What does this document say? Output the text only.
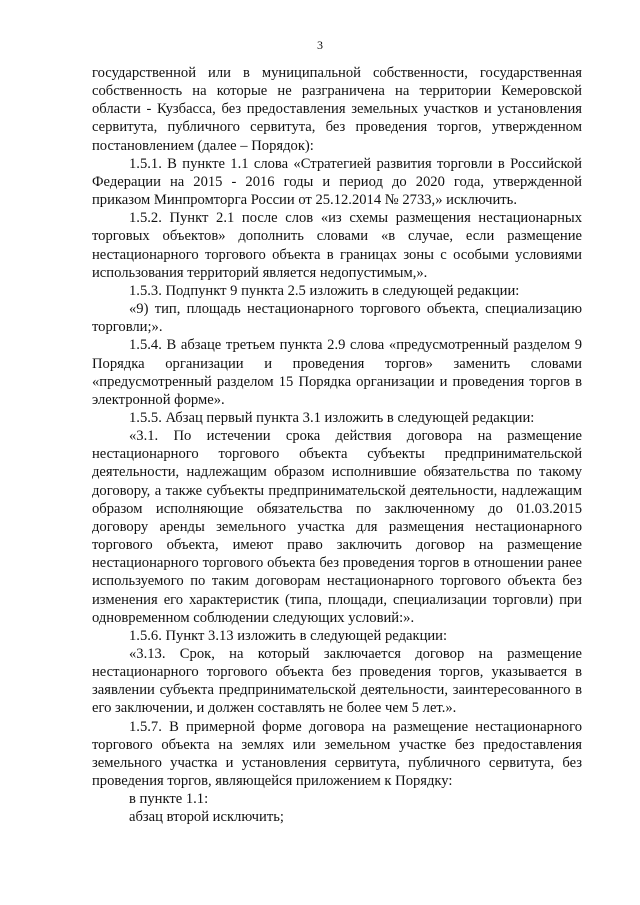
3

государственной или в муниципальной собственности, государственная собственность на которые не разграничена на территории Кемеровской области - Кузбасса, без предоставления земельных участков и установления сервитута, публичного сервитута, без проведения торгов, утвержденном постановлением (далее – Порядок):

1.5.1. В пункте 1.1 слова «Стратегией развития торговли в Российской Федерации на 2015 - 2016 годы и период до 2020 года, утвержденной приказом Минпромторга России от 25.12.2014 № 2733,» исключить.

1.5.2. Пункт 2.1 после слов «из схемы размещения нестационарных торговых объектов» дополнить словами «в случае, если размещение нестационарного торгового объекта в границах зоны с особыми условиями использования территорий является недопустимым,».

1.5.3. Подпункт 9 пункта 2.5 изложить в следующей редакции:

«9) тип, площадь нестационарного торгового объекта, специализацию торговли;».

1.5.4. В абзаце третьем пункта 2.9 слова «предусмотренный разделом 9 Порядка организации и проведения торгов» заменить словами «предусмотренный разделом 15 Порядка организации и проведения торгов в электронной форме».

1.5.5. Абзац первый пункта 3.1 изложить в следующей редакции:

«3.1. По истечении срока действия договора на размещение нестационарного торгового объекта субъекты предпринимательской деятельности, надлежащим образом исполнившие обязательства по такому договору, а также субъекты предпринимательской деятельности, надлежащим образом исполняющие обязательства по заключенному до 01.03.2015 договору аренды земельного участка для размещения нестационарного торгового объекта, имеют право заключить договор на размещение нестационарного торгового объекта без проведения торгов в отношении ранее используемого по таким договорам нестационарного торгового объекта без изменения его характеристик (типа, площади, специализации торговли) при одновременном соблюдении следующих условий:».

1.5.6. Пункт 3.13 изложить в следующей редакции:

«3.13. Срок, на который заключается договор на размещение нестационарного торгового объекта без проведения торгов, указывается в заявлении субъекта предпринимательской деятельности, заинтересованного в его заключении, и должен составлять не более чем 5 лет.».

1.5.7. В примерной форме договора на размещение нестационарного торгового объекта на землях или земельном участке без предоставления земельного участка и установления сервитута, публичного сервитута, без проведения торгов, являющейся приложением к Порядку:

в пункте 1.1:

абзац второй исключить;
